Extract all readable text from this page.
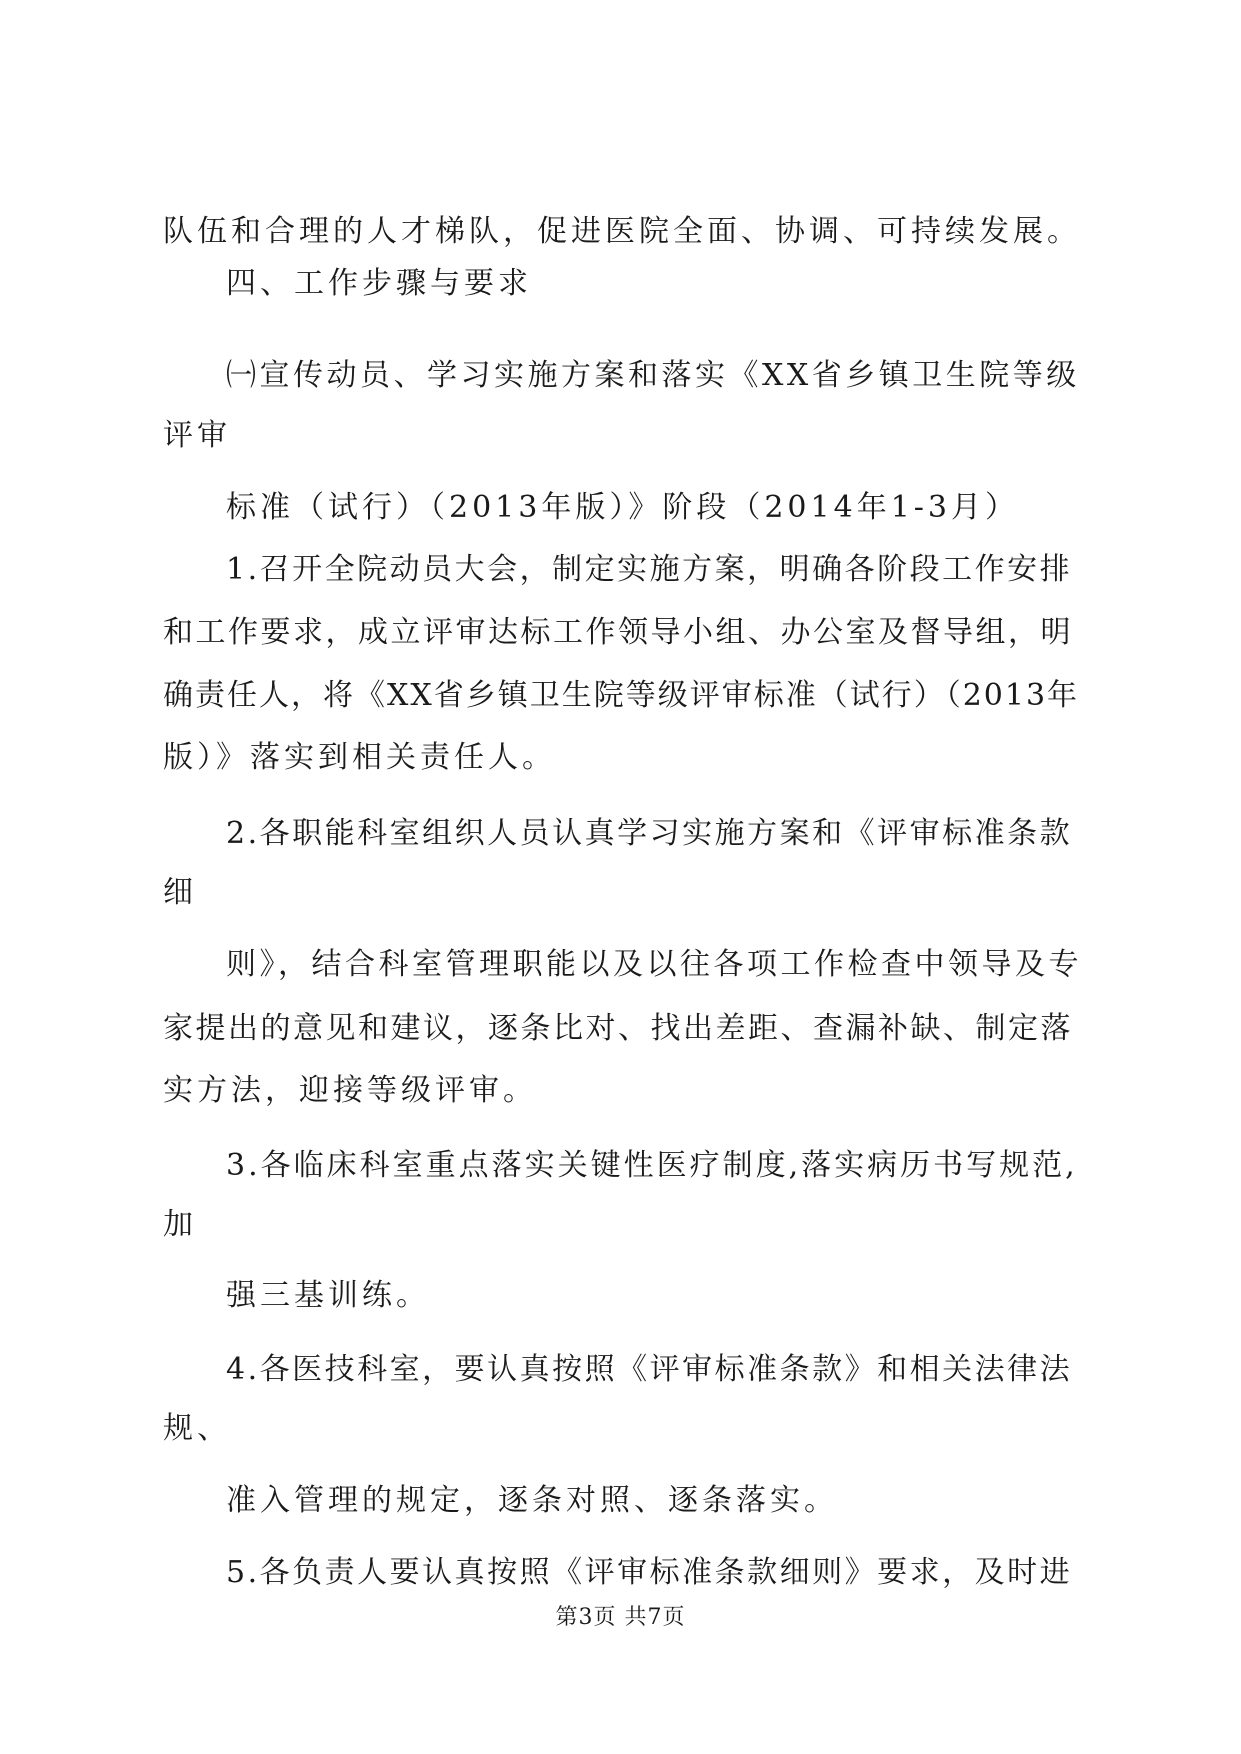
队伍和合理的人才梯队，促进医院全面、协调、可持续发展。
四、工作步骤与要求
㈠宣传动员、学习实施方案和落实《XX省乡镇卫生院等级
评审
标准（试行）（2013年版）》阶段（2014年1-3月）
1.召开全院动员大会，制定实施方案，明确各阶段工作安排
和工作要求，成立评审达标工作领导小组、办公室及督导组，明
确责任人，将《XX省乡镇卫生院等级评审标准（试行）（2013年
版）》落实到相关责任人。
2.各职能科室组织人员认真学习实施方案和《评审标准条款
细
则》，结合科室管理职能以及以往各项工作检查中领导及专
家提出的意见和建议，逐条比对、找出差距、查漏补缺、制定落
实方法，迎接等级评审。
3.各临床科室重点落实关键性医疗制度,落实病历书写规范,
加
强三基训练。
4.各医技科室，要认真按照《评审标准条款》和相关法律法
规、
准入管理的规定，逐条对照、逐条落实。
5.各负责人要认真按照《评审标准条款细则》要求，及时进
第3页 共7页
